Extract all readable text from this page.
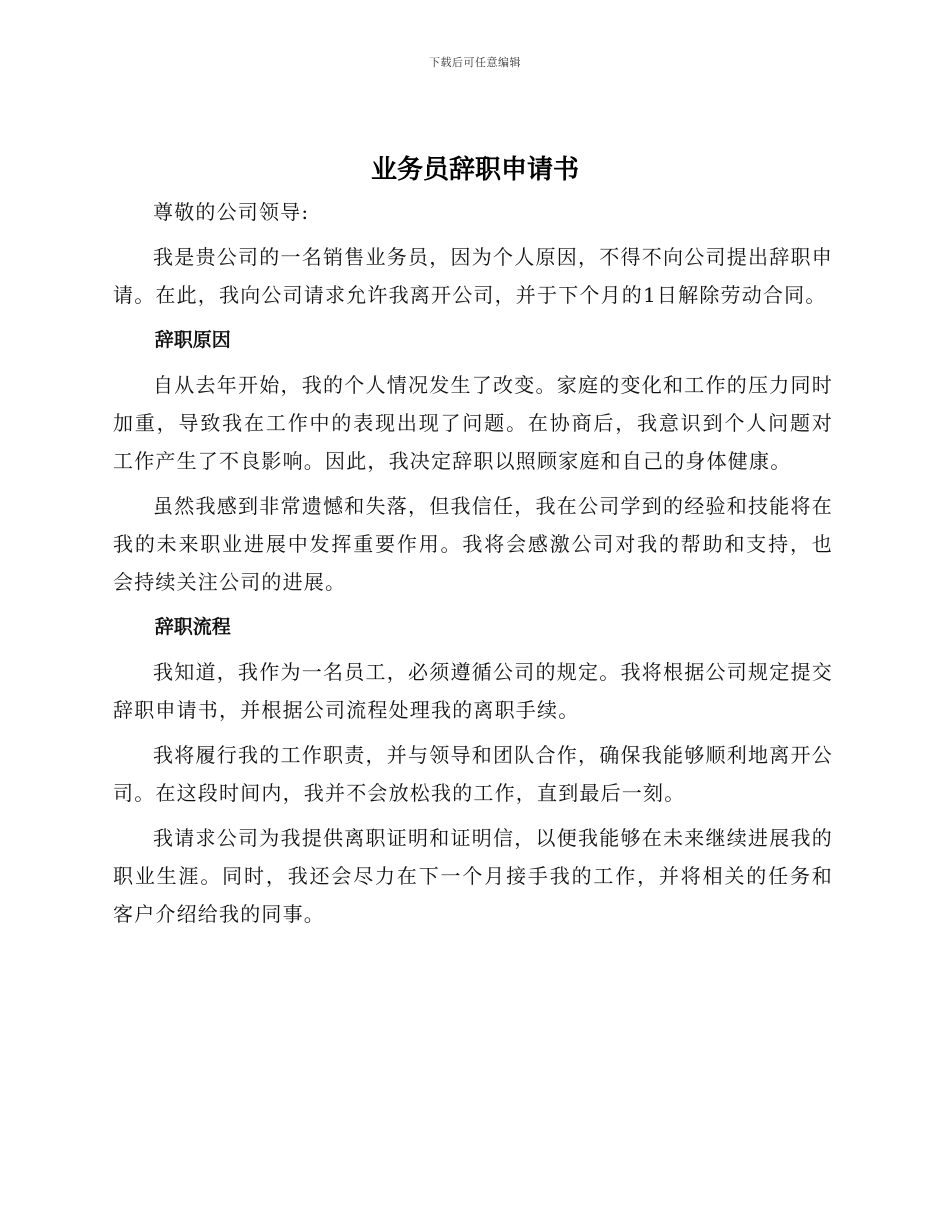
下载后可任意编辑
业务员辞职申请书

尊敬的公司领导:

我是贵公司的一名销售业务员，因为个人原因，不得不向公司提出辞职申请。在此，我向公司请求允许我离开公司，并于下个月的1日解除劳动合同。

辞职原因

自从去年开始，我的个人情况发生了改变。家庭的变化和工作的压力同时加重，导致我在工作中的表现出现了问题。在协商后，我意识到个人问题对工作产生了不良影响。因此，我决定辞职以照顾家庭和自己的身体健康。

虽然我感到非常遗憾和失落，但我信任，我在公司学到的经验和技能将在我的未来职业进展中发挥重要作用。我将会感激公司对我的帮助和支持，也会持续关注公司的进展。

辞职流程

我知道，我作为一名员工，必须遵循公司的规定。我将根据公司规定提交辞职申请书，并根据公司流程处理我的离职手续。

我将履行我的工作职责，并与领导和团队合作，确保我能够顺利地离开公司。在这段时间内，我并不会放松我的工作，直到最后一刻。

我请求公司为我提供离职证明和证明信，以便我能够在未来继续进展我的职业生涯。同时，我还会尽力在下一个月接手我的工作，并将相关的任务和客户介绍给我的同事。
